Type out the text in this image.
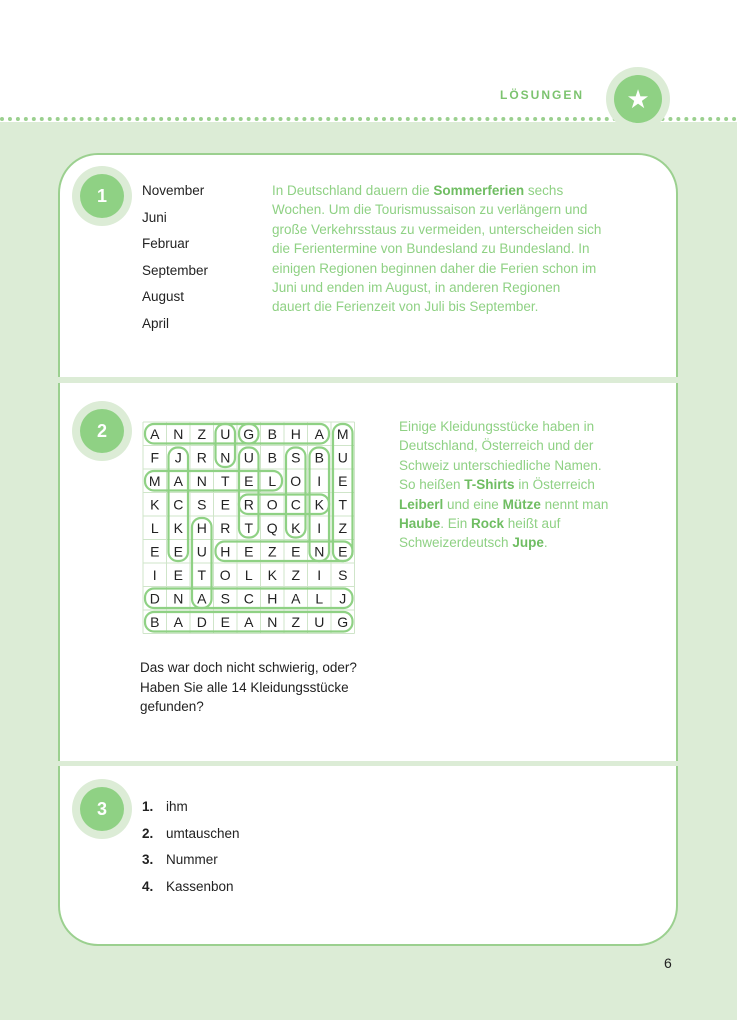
LÖSUNGEN	★
1	November
Juni
Februar
September
August
April
In Deutschland dauern die Sommerferien sechs Wochen. Um die Tourismussaison zu verlängern und große Verkehrsstaus zu vermeiden, unterscheiden sich die Ferientermine von Bundesland zu Bundesland. In einigen Regionen beginnen daher die Ferien schon im Juni und enden im August, in anderen Regionen dauert die Ferienzeit von Juli bis September.
2	A N Z U G B H A M
F J R N U B S B U
M A N T E L O I E
K C S E R O C K T
L K H R T Q K I Z
E E U H E Z E N E
I E T O L K Z I S
D N A S C H A L J
B A D E A N Z U G
Das war doch nicht schwierig, oder? Haben Sie alle 14 Kleidungsstücke gefunden?
Einige Kleidungsstücke haben in Deutschland, Österreich und der Schweiz unterschiedliche Namen. So heißen T-Shirts in Österreich Leiberl und eine Mütze nennt man Haube. Ein Rock heißt auf Schweizerdeutsch Jupe.
3	1. ihm
2. umtauschen
3. Nummer
4. Kassenbon
6
